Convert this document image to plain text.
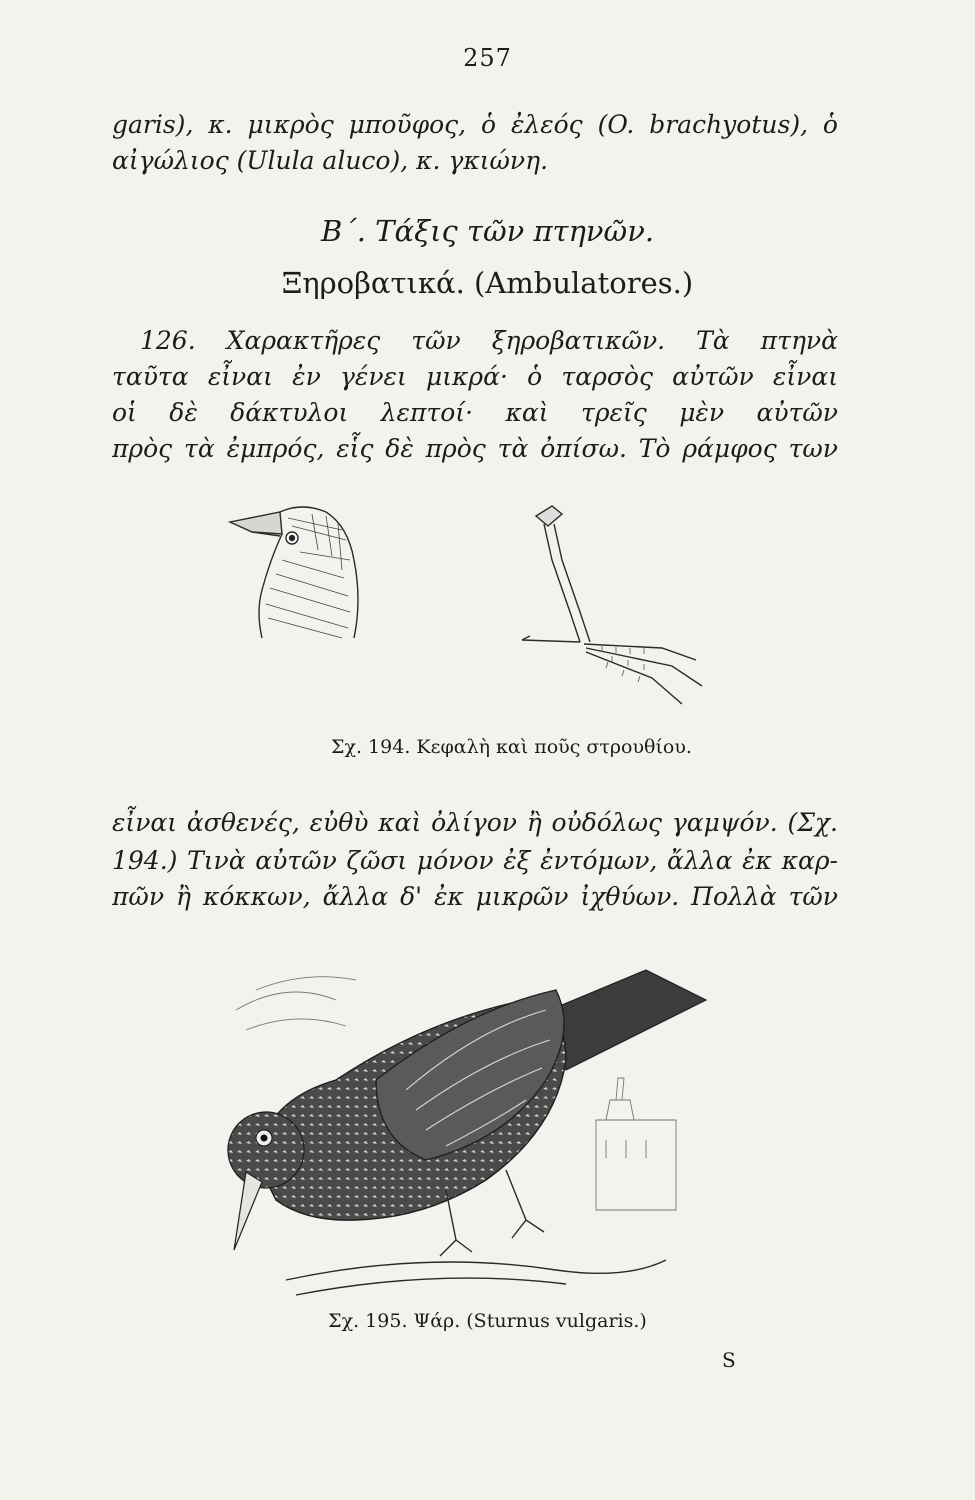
257
garis), κ. μικρὸς μποῦφος, ὁ ἐλεός (O. brachyotus), ὁ
αἰγώλιος (Ulula aluco), κ. γκιώνη.
Β΄. Τάξις τῶν πτηνῶν.
Ξηροβατικά. (Ambulatores.)
126. Χαρακτῆρες τῶν ξηροβατικῶν. Τὰ πτηνὰ
ταῦτα εἶναι ἐν γένει μικρά· ὁ ταρσὸς αὐτῶν εἶναι
οἱ δὲ δάκτυλοι λεπτοί· καὶ τρεῖς μὲν αὐτῶν
πρὸς τὰ ἐμπρός, εἷς δὲ πρὸς τὰ ὀπίσω. Τὸ ράμφος των
Σχ. 194. Κεφαλὴ καὶ ποῦς στρουθίου.
εἶναι ἀσθενές, εὐθὺ καὶ ὀλίγον ἢ οὐδόλως γαμψόν. (Σχ.
194.) Τινὰ αὐτῶν ζῶσι μόνον ἐξ ἐντόμων, ἄλλα ἐκ καρ-
πῶν ἢ κόκκων, ἄλλα δ' ἐκ μικρῶν ἰχθύων. Πολλὰ τῶν
Σχ. 195. Ψάρ. (Sturnus vulgaris.)
S
